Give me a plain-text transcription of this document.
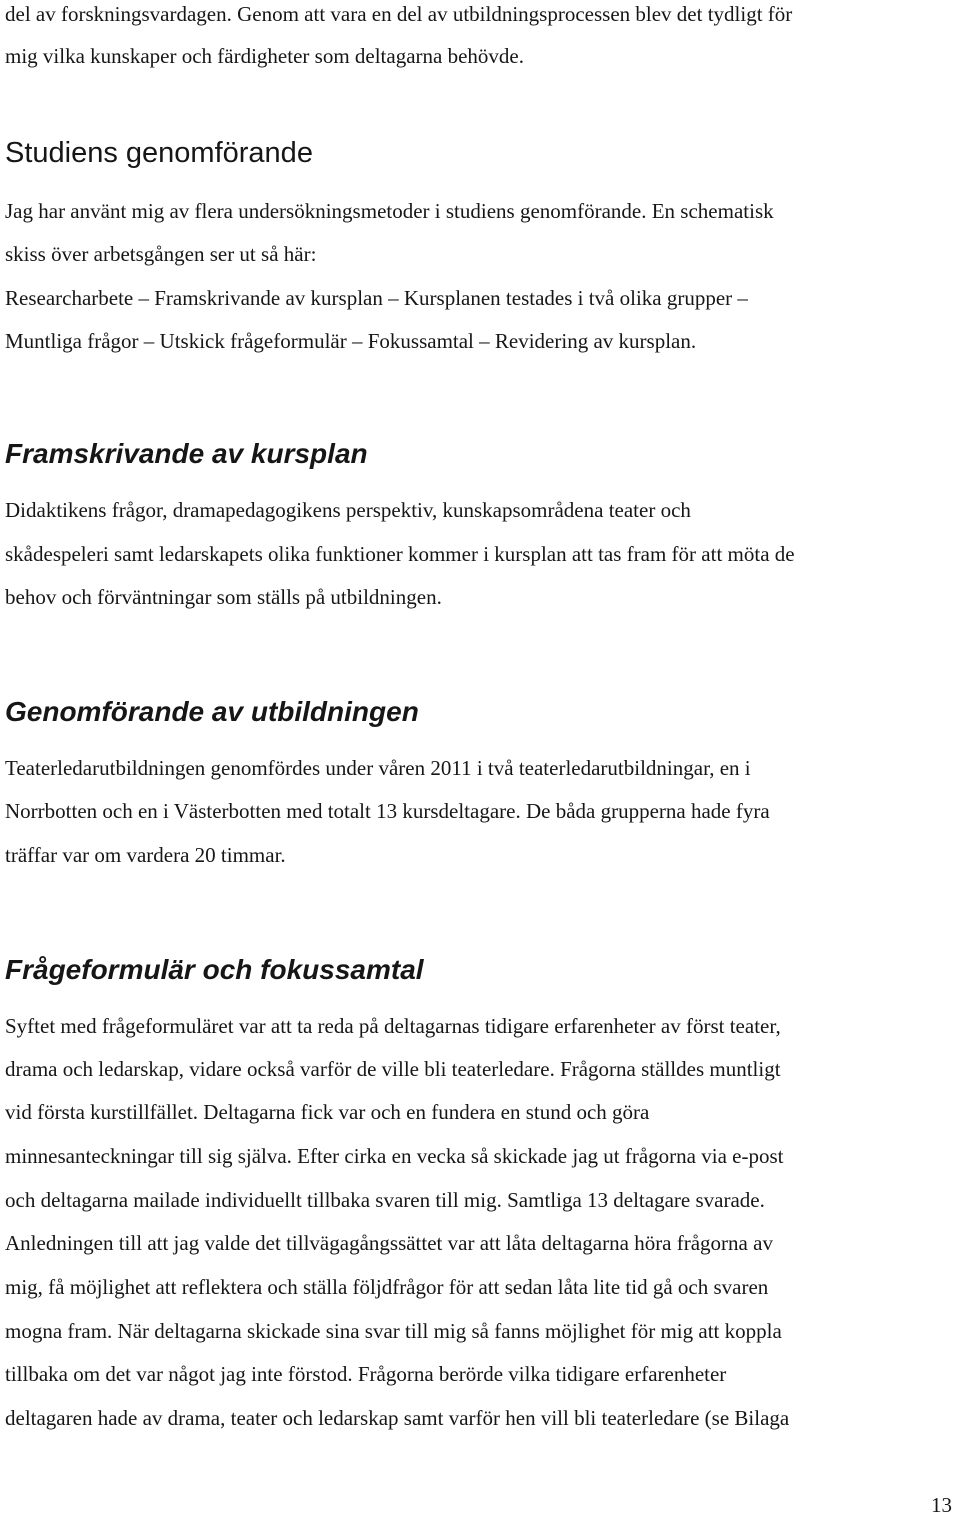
del av forskningsvardagen. Genom att vara en del av utbildningsprocessen blev det tydligt för
mig vilka kunskaper och färdigheter som deltagarna behövde.
Studiens genomförande
Jag har använt mig av flera undersökningsmetoder i studiens genomförande. En schematisk
skiss över arbetsgången ser ut så här:
Researcharbete – Framskrivande av kursplan – Kursplanen testades i två olika grupper –
Muntliga frågor – Utskick frågeformulär – Fokussamtal – Revidering av kursplan.
Framskrivande av kursplan
Didaktikens frågor, dramapedagogikens perspektiv, kunskapsområdena teater och
skådespeleri samt ledarskapets olika funktioner kommer i kursplan att tas fram för att möta de
behov och förväntningar som ställs på utbildningen.
Genomförande av utbildningen
Teaterledarutbildningen genomfördes under våren 2011 i två teaterledarutbildningar, en i
Norrbotten och en i Västerbotten med totalt 13 kursdeltagare. De båda grupperna hade fyra
träffar var om vardera 20 timmar.
Frågeformulär och fokussamtal
Syftet med frågeformuläret var att ta reda på deltagarnas tidigare erfarenheter av först teater,
drama och ledarskap, vidare också varför de ville bli teaterledare. Frågorna ställdes muntligt
vid första kurstillfället. Deltagarna fick var och en fundera en stund och göra
minnesanteckningar till sig själva. Efter cirka en vecka så skickade jag ut frågorna via e-post
och deltagarna mailade individuellt tillbaka svaren till mig. Samtliga 13 deltagare svarade.
Anledningen till att jag valde det tillvägagångssättet var att låta deltagarna höra frågorna av
mig, få möjlighet att reflektera och ställa följdfrågor för att sedan låta lite tid gå och svaren
mogna fram. När deltagarna skickade sina svar till mig så fanns möjlighet för mig att koppla
tillbaka om det var något jag inte förstod. Frågorna berörde vilka tidigare erfarenheter
deltagaren hade av drama, teater och ledarskap samt varför hen vill bli teaterledare (se Bilaga
13
